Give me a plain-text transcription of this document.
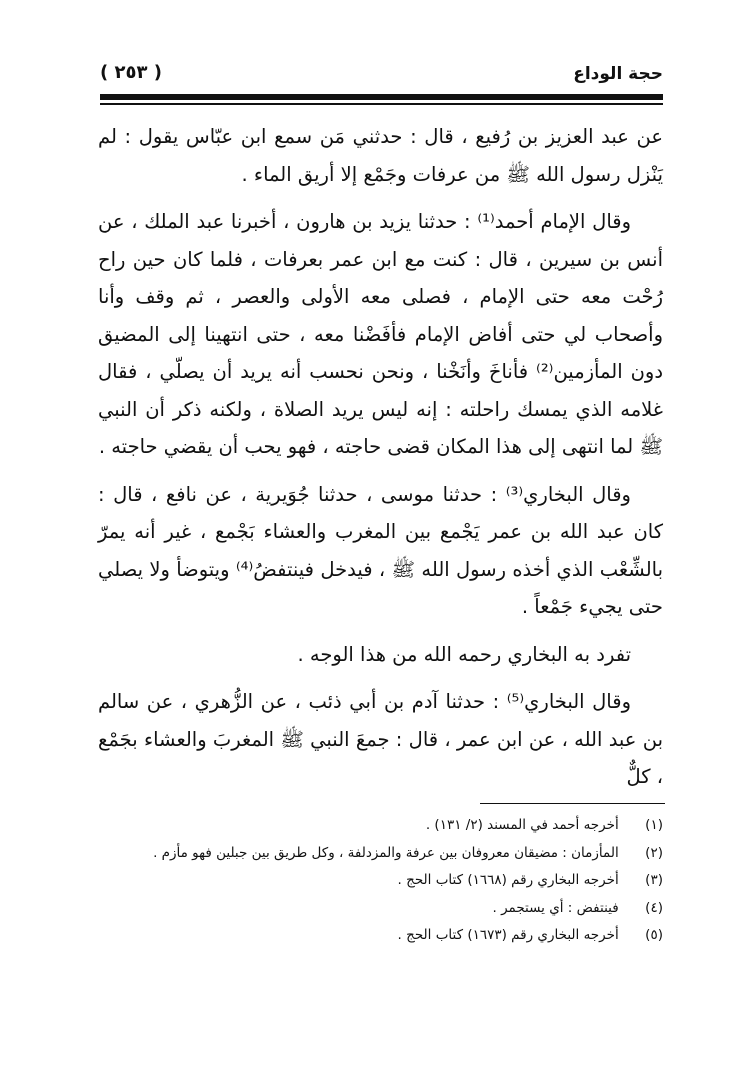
حجة الوداع
( ٢٥٣ )

عن عبد العزيز بن رُفيع ، قال : حدثني مَن سمع ابن عبّاس يقول : لم يَنْزل رسول الله ﷺ من عرفات وجَمْع إلا أريق الماء .

وقال الإمام أحمد⁽¹⁾ : حدثنا يزيد بن هارون ، أخبرنا عبد الملك ، عن أنس بن سيرين ، قال : كنت مع ابن عمر بعرفات ، فلما كان حين راح رُحْت معه حتى الإمام ، فصلى معه الأولى والعصر ، ثم وقف وأنا وأصحاب لي حتى أفاض الإمام فأفَضْنا معه ، حتى انتهينا إلى المضيق دون المأزمين⁽²⁾ فأناخَ وأنَخْنا ، ونحن نحسب أنه يريد أن يصلّي ، فقال غلامه الذي يمسك راحلته : إنه ليس يريد الصلاة ، ولكنه ذكر أن النبي ﷺ لما انتهى إلى هذا المكان قضى حاجته ، فهو يحب أن يقضي حاجته .

وقال البخاري⁽³⁾ : حدثنا موسى ، حدثنا جُوَيرية ، عن نافع ، قال : كان عبد الله بن عمر يَجْمع بين المغرب والعشاء بَجْمع ، غير أنه يمرّ بالشِّعْب الذي أخذه رسول الله ﷺ ، فيدخل فينتفضُ⁽⁴⁾ ويتوضأ ولا يصلي حتى يجيء جَمْعاً .

تفرد به البخاري رحمه الله من هذا الوجه .

وقال البخاري⁽⁵⁾ : حدثنا آدم بن أبي ذئب ، عن الزُّهري ، عن سالم بن عبد الله ، عن ابن عمر ، قال : جمعَ النبي ﷺ المغربَ والعشاء بجَمْع ، كلٌّ

(١) أخرجه أحمد في المسند (٢/ ١٣١) .
(٢) المأزمان : مضيقان معروفان بين عرفة والمزدلفة ، وكل طريق بين جبلين فهو مأزم .
(٣) أخرجه البخاري رقم (١٦٦٨) كتاب الحج .
(٤) فينتفض : أي يستجمر .
(٥) أخرجه البخاري رقم (١٦٧٣) كتاب الحج .
